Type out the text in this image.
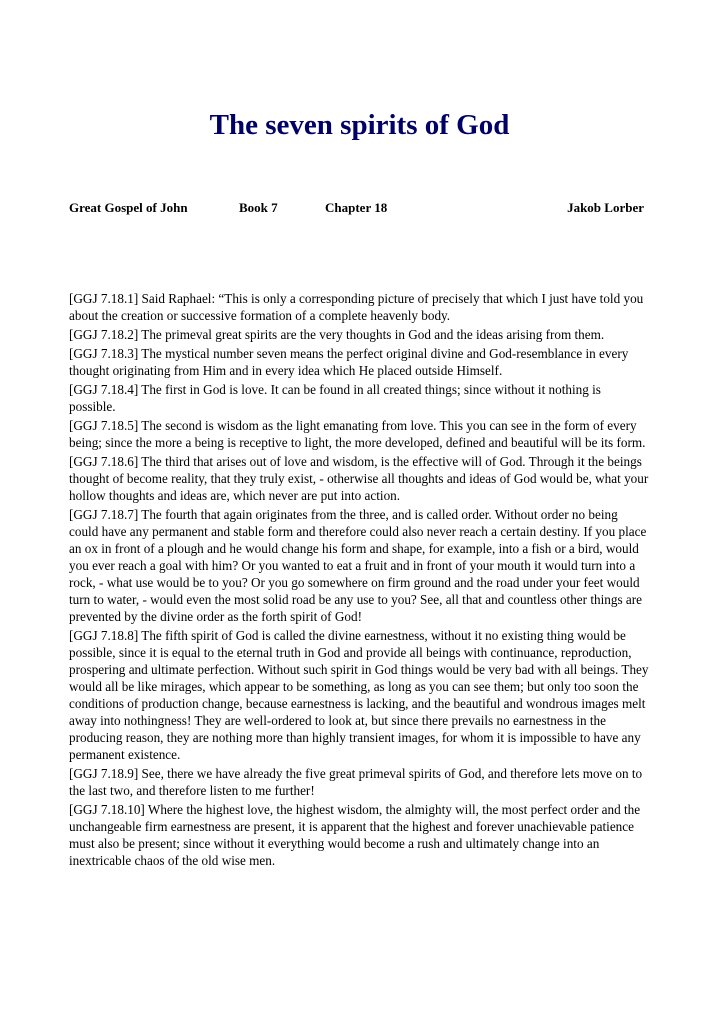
The seven spirits of God
Great Gospel of John	Book 7	Chapter 18	Jakob Lorber

[GGJ 7.18.1] Said Raphael: “This is only a corresponding picture of precisely that which I just have told you about the creation or successive formation of a complete heavenly body.

[GGJ 7.18.2] The primeval great spirits are the very thoughts in God and the ideas arising from them.

[GGJ 7.18.3] The mystical number seven means the perfect original divine and God-resemblance in every thought originating from Him and in every idea which He placed outside Himself.

[GGJ 7.18.4] The first in God is love. It can be found in all created things; since without it nothing is possible.

[GGJ 7.18.5] The second is wisdom as the light emanating from love. This you can see in the form of every being; since the more a being is receptive to light, the more developed, defined and beautiful will be its form.

[GGJ 7.18.6] The third that arises out of love and wisdom, is the effective will of God. Through it the beings thought of become reality, that they truly exist, - otherwise all thoughts and ideas of God would be, what your hollow thoughts and ideas are, which never are put into action.

[GGJ 7.18.7] The fourth that again originates from the three, and is called order. Without order no being could have any permanent and stable form and therefore could also never reach a certain destiny. If you place an ox in front of a plough and he would change his form and shape, for example, into a fish or a bird, would you ever reach a goal with him? Or you wanted to eat a fruit and in front of your mouth it would turn into a rock, - what use would be to you? Or you go somewhere on firm ground and the road under your feet would turn to water, - would even the most solid road be any use to you? See, all that and countless other things are prevented by the divine order as the forth spirit of God!

[GGJ 7.18.8] The fifth spirit of God is called the divine earnestness, without it no existing thing would be possible, since it is equal to the eternal truth in God and provide all beings with continuance, reproduction, prospering and ultimate perfection. Without such spirit in God things would be very bad with all beings. They would all be like mirages, which appear to be something, as long as you can see them; but only too soon the conditions of production change, because earnestness is lacking, and the beautiful and wondrous images melt away into nothingness! They are well-ordered to look at, but since there prevails no earnestness in the producing reason, they are nothing more than highly transient images, for whom it is impossible to have any permanent existence.

[GGJ 7.18.9] See, there we have already the five great primeval spirits of God, and therefore lets move on to the last two, and therefore listen to me further!

[GGJ 7.18.10] Where the highest love, the highest wisdom, the almighty will, the most perfect order and the unchangeable firm earnestness are present, it is apparent that the highest and forever unachievable patience must also be present; since without it everything would become a rush and ultimately change into an inextricable chaos of the old wise men.
